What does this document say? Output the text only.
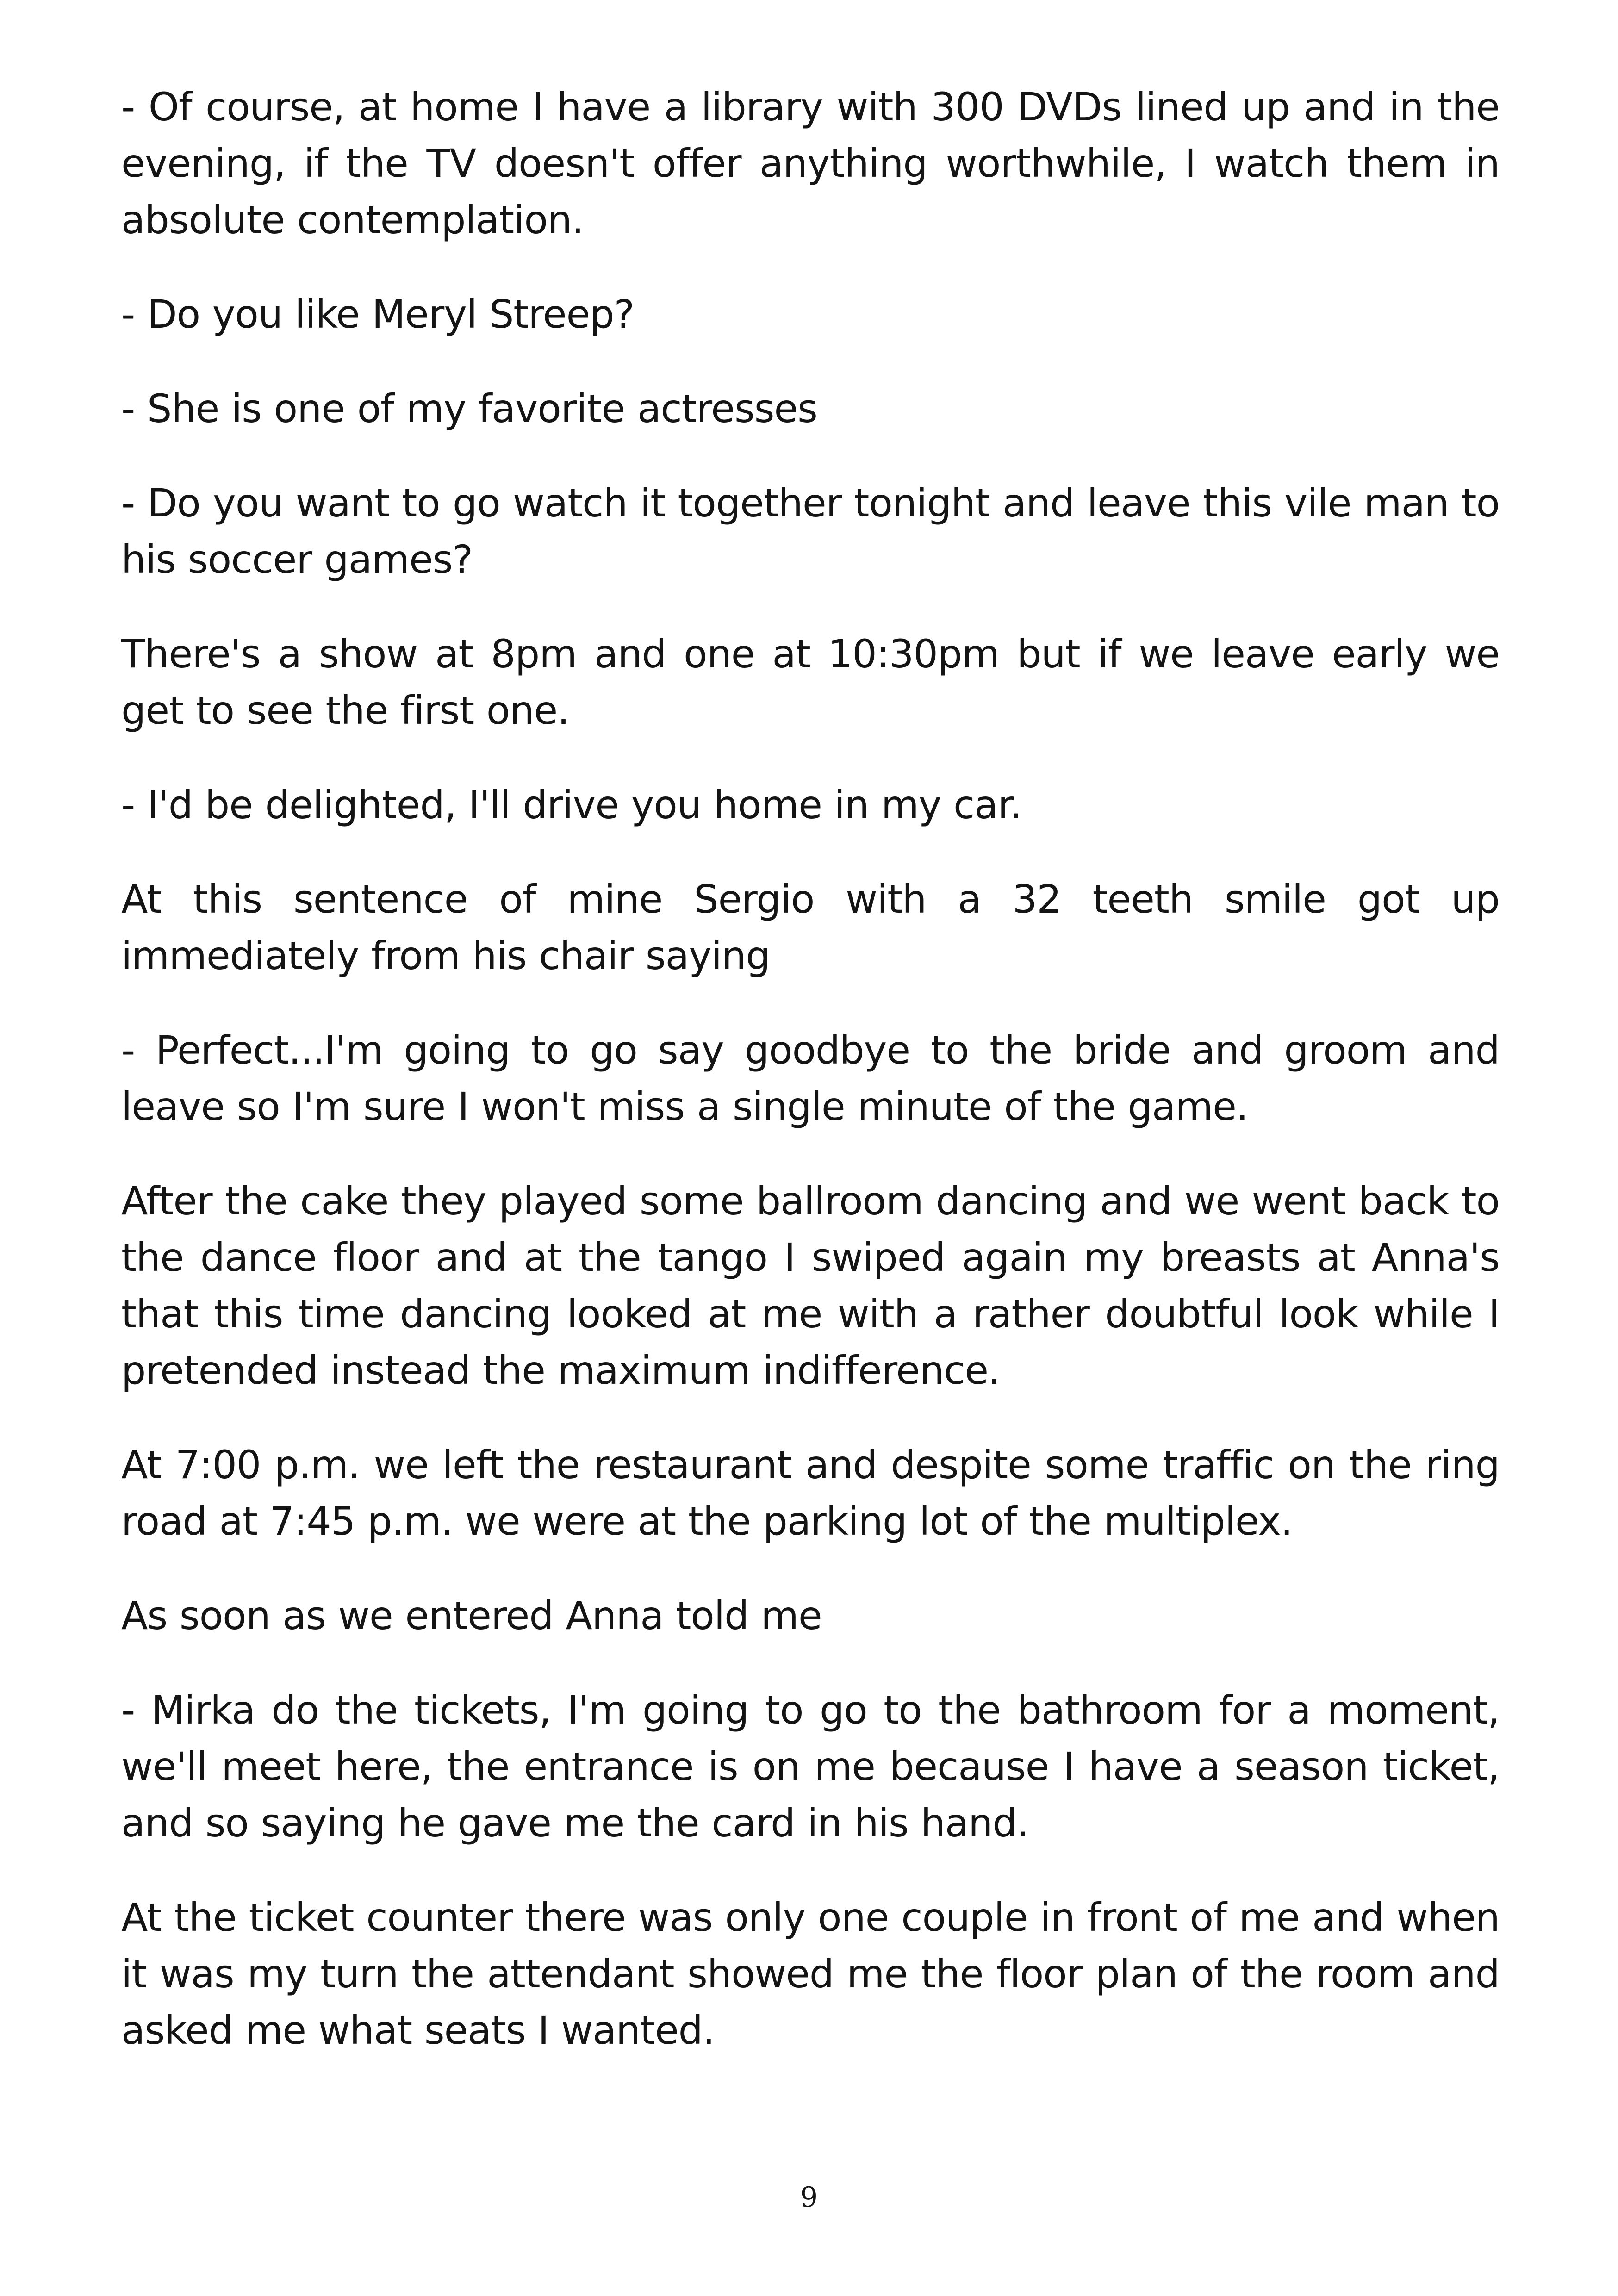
- Of course, at home I have a library with 300 DVDs lined up and in the evening, if the TV doesn't offer anything worthwhile, I watch them in absolute contemplation.

- Do you like Meryl Streep?

- She is one of my favorite actresses

- Do you want to go watch it together tonight and leave this vile man to his soccer games?

There's a show at 8pm and one at 10:30pm but if we leave early we get to see the first one.

- I'd be delighted, I'll drive you home in my car.

At this sentence of mine Sergio with a 32 teeth smile got up immediately from his chair saying

- Perfect...I'm going to go say goodbye to the bride and groom and leave so I'm sure I won't miss a single minute of the game.

After the cake they played some ballroom dancing and we went back to the dance floor and at the tango I swiped again my breasts at Anna's that this time dancing looked at me with a rather doubtful look while I pretended instead the maximum indifference.

At 7:00 p.m. we left the restaurant and despite some traffic on the ring road at 7:45 p.m. we were at the parking lot of the multiplex.

As soon as we entered Anna told me

- Mirka do the tickets, I'm going to go to the bathroom for a moment, we'll meet here, the entrance is on me because I have a season ticket, and so saying he gave me the card in his hand.

At the ticket counter there was only one couple in front of me and when it was my turn the attendant showed me the floor plan of the room and asked me what seats I wanted.

9
